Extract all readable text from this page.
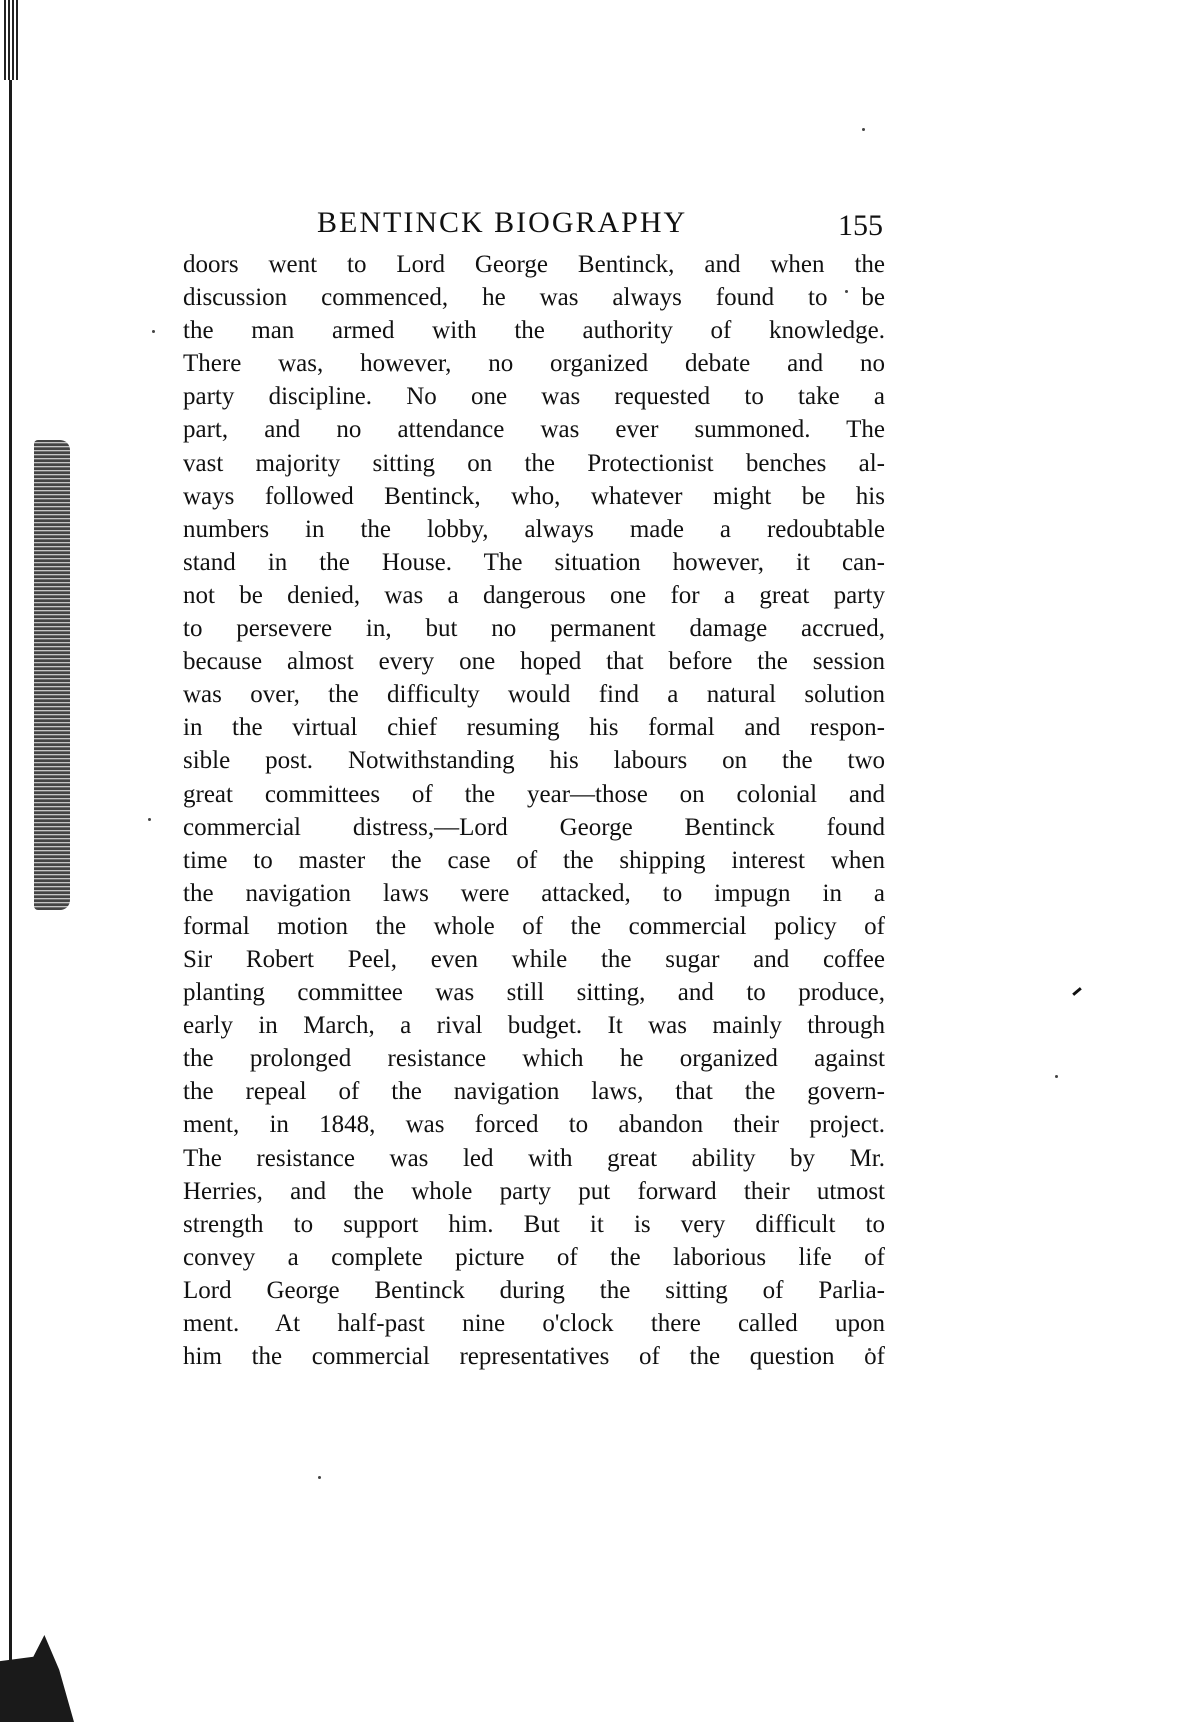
BENTINCK BIOGRAPHY	155
doors went to Lord George Bentinck, and when the
discussion commenced, he was always found to be
the man armed with the authority of knowledge.
There was, however, no organized debate and no
party discipline. No one was requested to take a
part, and no attendance was ever summoned. The
vast majority sitting on the Protectionist benches al-
ways followed Bentinck, who, whatever might be his
numbers in the lobby, always made a redoubtable
stand in the House. The situation however, it can-
not be denied, was a dangerous one for a great party
to persevere in, but no permanent damage accrued,
because almost every one hoped that before the session
was over, the difficulty would find a natural solution
in the virtual chief resuming his formal and respon-
sible post. Notwithstanding his labours on the two
great committees of the year—those on colonial and
commercial distress,—Lord George Bentinck found
time to master the case of the shipping interest when
the navigation laws were attacked, to impugn in a
formal motion the whole of the commercial policy of
Sir Robert Peel, even while the sugar and coffee
planting committee was still sitting, and to produce,
early in March, a rival budget. It was mainly through
the prolonged resistance which he organized against
the repeal of the navigation laws, that the govern-
ment, in 1848, was forced to abandon their project.
The resistance was led with great ability by Mr.
Herries, and the whole party put forward their utmost
strength to support him. But it is very difficult to
convey a complete picture of the laborious life of
Lord George Bentinck during the sitting of Parlia-
ment. At half-past nine o'clock there called upon
him the commercial representatives of the question of
